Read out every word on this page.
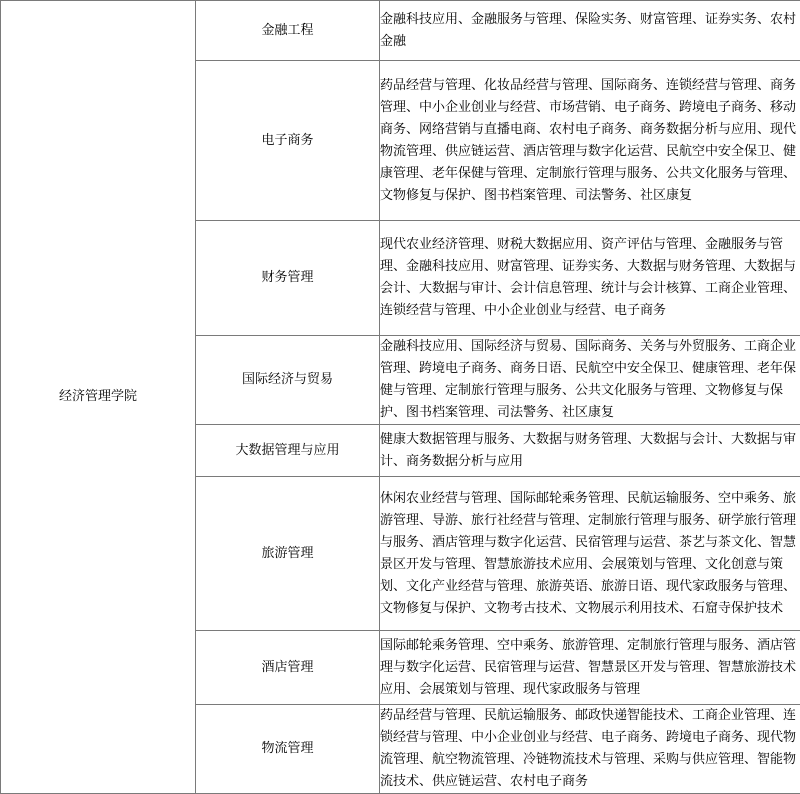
经济管理学院	金融工程	金融科技应用、金融服务与管理、保险实务、财富管理、证券实务、农村金融
	电子商务	药品经营与管理、化妆品经营与管理、国际商务、连锁经营与管理、商务管理、中小企业创业与经营、市场营销、电子商务、跨境电子商务、移动商务、网络营销与直播电商、农村电子商务、商务数据分析与应用、现代物流管理、供应链运营、酒店管理与数字化运营、民航空中安全保卫、健康管理、老年保健与管理、定制旅行管理与服务、公共文化服务与管理、文物修复与保护、图书档案管理、司法警务、社区康复
	财务管理	现代农业经济管理、财税大数据应用、资产评估与管理、金融服务与管理、金融科技应用、财富管理、证券实务、大数据与财务管理、大数据与会计、大数据与审计、会计信息管理、统计与会计核算、工商企业管理、连锁经营与管理、中小企业创业与经营、电子商务
	国际经济与贸易	金融科技应用、国际经济与贸易、国际商务、关务与外贸服务、工商企业管理、跨境电子商务、商务日语、民航空中安全保卫、健康管理、老年保健与管理、定制旅行管理与服务、公共文化服务与管理、文物修复与保护、图书档案管理、司法警务、社区康复
	大数据管理与应用	健康大数据管理与服务、大数据与财务管理、大数据与会计、大数据与审计、商务数据分析与应用
	旅游管理	休闲农业经营与管理、国际邮轮乘务管理、民航运输服务、空中乘务、旅游管理、导游、旅行社经营与管理、定制旅行管理与服务、研学旅行管理与服务、酒店管理与数字化运营、民宿管理与运营、茶艺与茶文化、智慧景区开发与管理、智慧旅游技术应用、会展策划与管理、文化创意与策划、文化产业经营与管理、旅游英语、旅游日语、现代家政服务与管理、文物修复与保护、文物考古技术、文物展示利用技术、石窟寺保护技术
	酒店管理	国际邮轮乘务管理、空中乘务、旅游管理、定制旅行管理与服务、酒店管理与数字化运营、民宿管理与运营、智慧景区开发与管理、智慧旅游技术应用、会展策划与管理、现代家政服务与管理
	物流管理	药品经营与管理、民航运输服务、邮政快递智能技术、工商企业管理、连锁经营与管理、中小企业创业与经营、电子商务、跨境电子商务、现代物流管理、航空物流管理、冷链物流技术与管理、采购与供应管理、智能物流技术、供应链运营、农村电子商务
